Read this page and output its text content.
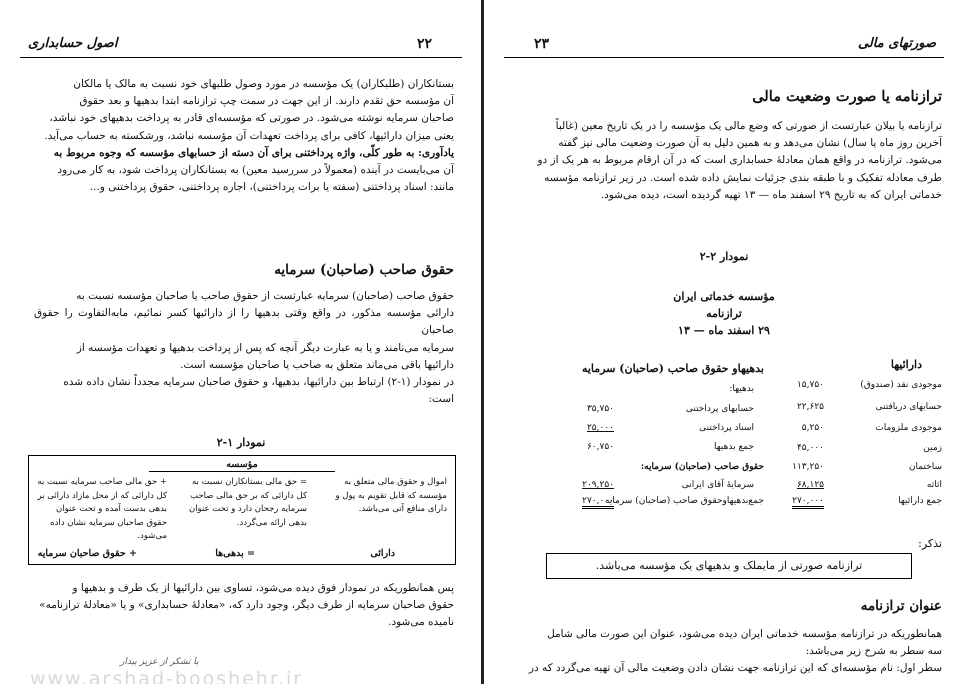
۲۲
اصول حسابداری

بستانکاران (طلبکاران) یک مؤسسه در مورد وصول طلبهای خود نسبت به مالک یا مالکان

آن مؤسسه حق تقدم دارند. از این جهت در سمت چپ ترازنامه ابتدا بدهیها و بعد حقوق

صاحبان سرمایه نوشته می‌شود. در صورتی که مؤسسه‌ای قادر به پرداخت بدهیهای خود نباشد،

یعنی میزان دارائیها، کافی برای پرداخت تعهدات آن مؤسسه نباشد، ورشکسته به حساب می‌آید.

یادآوری: به طور کلّی، واژه پرداختنی برای آن دسته از حسابهای مؤسسه که وجوه مربوط به

آن می‌بایست در آینده (معمولاً در سررسید معین) به بستانکاران پرداخت شود، به کار می‌رود

مانند: اسناد پرداختنی (سفته یا برات پرداختنی)، اجاره پرداختنی، حقوق پرداختنی و...

حقوق صاحب (صاحبان) سرمایه

حقوق صاحب (صاحبان) سرمایه عبارتست از حقوق صاحب یا صاحبان مؤسسه نسبت به

دارائی مؤسسه مذکور، در واقع وقتی بدهیها را از دارائیها کسر نمائیم، مابه‌التفاوت را حقوق صاحبان

سرمایه می‌نامند و یا به عبارت دیگر آنچه که پس از پرداخت بدهیها و تعهدات مؤسسه از

دارائیها باقی می‌ماند متعلق به صاحب یا صاحبان مؤسسه است.

در نمودار (۱-۲) ارتباط بین دارائیها، بدهیها، و حقوق صاحبان سرمایه مجدداً نشان داده شده

است:

نمودار ۱-۲
مؤسسه
اموال و حقوق مالی متعلق به مؤسسه که قابل تقویم به پول و دارای منافع آتی می‌باشد.
= حق مالی بستانکاران نسبت به کل دارائی که بر حق مالی صاحب سرمایه رجحان دارد و تحت عنوان بدهی ارائه می‌گردد.
+ حق مالی صاحب سرمایه نسبت به کل دارائی که از محل مازاد دارائی بر بدهی بدست آمده و تحت عنوان حقوق صاحبان سرمایه نشان داده می‌شود.
دارائی
= بدهی‌ها
+ حقوق صاحبان سرمایه

پس همانطوریکه در نمودار فوق دیده می‌شود، تساوی بین دارائیها از یک طرف و بدهیها و

حقوق صاحبان سرمایه از طرف دیگر، وجود دارد که، «معادلهٔ حسابداری» و یا «معادلهٔ ترازنامه»

نامیده می‌شود.

با تشکر از عزیز بیدار
www.arshad-booshehr.ir
۲۳	صورتهای مالی
ترازنامه یا صورت وضعیت مالی

ترازنامه یا بیلان عبارتست از صورتی که وضع مالی یک مؤسسه را در یک تاریخ معین (غالباً

آخرین روز ماه یا سال) نشان می‌دهد و به همین دلیل به آن صورت وضعیت مالی نیز گفته

می‌شود. ترازنامه در واقع همان معادلهٔ حسابداری است که در آن ارقام مربوط به هر یک از دو

طرف معادله تفکیک و با طبقه بندی جزئیات نمایش داده شده است. در زیر ترازنامه مؤسسه

خدماتی ایران که به تاریخ ۲۹ اسفند ماه — ۱۳ تهیه گردیده است، دیده می‌شود.

نمودار ۲-۲
مؤسسه خدماتی ایران
ترازنامه
۲۹ اسفند ماه — ۱۳
دارائیها
بدهیهاو حقوق صاحب (صاحبان) سرمایه
موجودی نقد (صندوق)
۱۵,۷۵۰
حسابهای دریافتنی
۲۲,۶۲۵
موجودی ملزومات
۵,۲۵۰
زمین
۴۵,۰۰۰
ساختمان
۱۱۳,۲۵۰
اثاثه
۶۸,۱۲۵
جمع دارائیها
۲۷۰,۰۰۰
بدهیها:
حسابهای پرداختنی
۳۵,۷۵۰
اسناد پرداختنی
۲۵,۰۰۰
جمع بدهیها
۶۰,۷۵۰
حقوق صاحب (صاحبان) سرمایه:
سرمایهٔ آقای ایرانی
۲۰۹,۲۵۰
جمع‌بدهیهاوحقوق صاحب (صاحبان) سرمایه
۲۷۰,۰۰۰
تذکر:
ترازنامه صورتی از مایملک و بدهیهای یک مؤسسه می‌باشد.
عنوان ترازنامه

همانطوریکه در ترازنامه مؤسسه خدماتی ایران دیده می‌شود، عنوان این صورت مالی شامل

سه سطر به شرح زیر می‌باشد:

سطر اول: نام مؤسسه‌ای که این ترازنامه جهت نشان دادن وضعیت مالی آن تهیه می‌گردد که در
